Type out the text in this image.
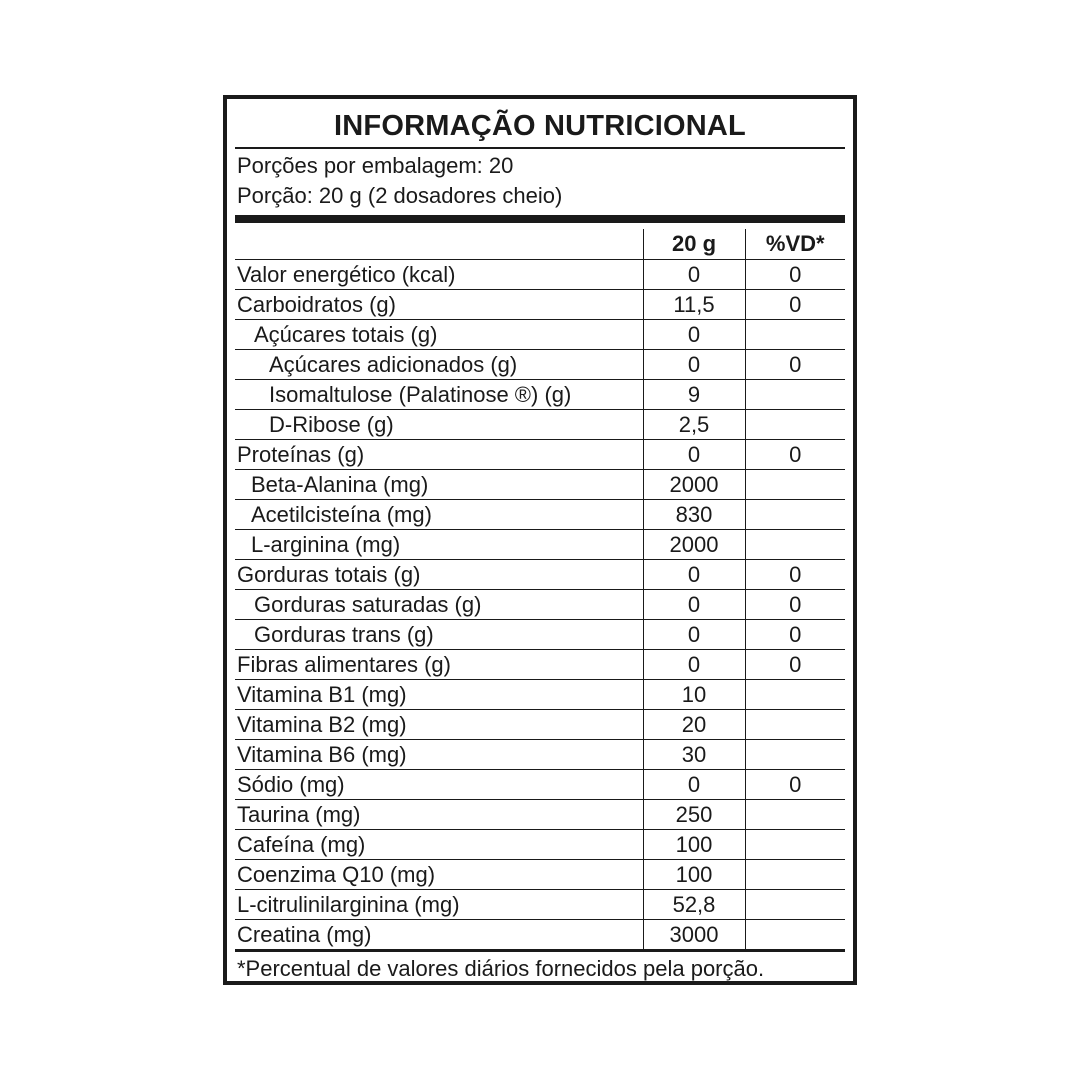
INFORMAÇÃO NUTRICIONAL
Porções por embalagem: 20
Porção: 20 g (2 dosadores cheio)
	20 g	%VD*
Valor energético (kcal)	0	0
Carboidratos (g)	11,5	0
Açúcares totais (g)	0	
Açúcares adicionados (g)	0	0
Isomaltulose (Palatinose ®) (g)	9	
D-Ribose (g)	2,5	
Proteínas (g)	0	0
Beta-Alanina (mg)	2000	
Acetilcisteína (mg)	830	
L-arginina (mg)	2000	
Gorduras totais (g)	0	0
Gorduras saturadas (g)	0	0
Gorduras trans (g)	0	0
Fibras alimentares (g)	0	0
Vitamina B1 (mg)	10	
Vitamina B2 (mg)	20	
Vitamina B6 (mg)	30	
Sódio (mg)	0	0
Taurina (mg)	250	
Cafeína (mg)	100	
Coenzima Q10 (mg)	100	
L-citrulinilarginina (mg)	52,8	
Creatina (mg)	3000	
*Percentual de valores diários fornecidos pela porção.
